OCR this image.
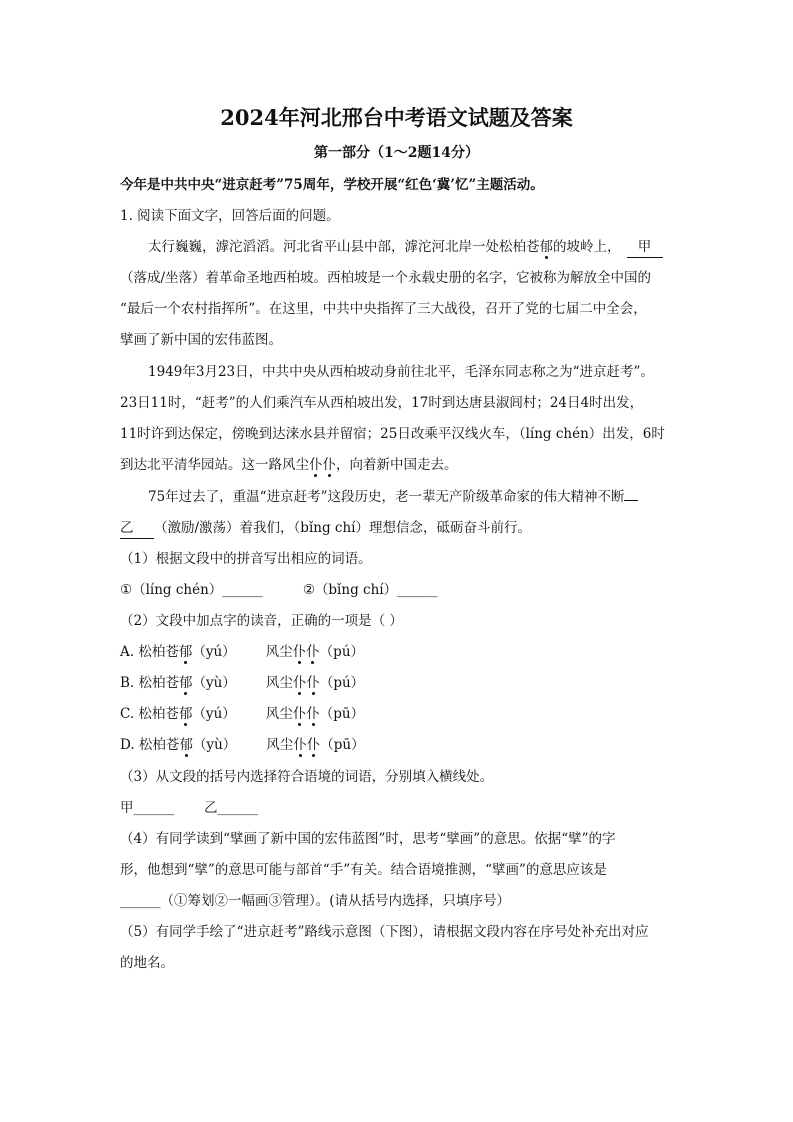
2024年河北邢台中考语文试题及答案
第一部分（1～2题14分）
今年是中共中央“进京赶考”75周年，学校开展“红色‘冀’忆”主题活动。
1. 阅读下面文字，回答后面的问题。
太行巍巍，滹沱滔滔。河北省平山县中部，滹沱河北岸一处松柏苍郁的坡岭上， 甲
（落成/坐落）着革命圣地西柏坡。西柏坡是一个永载史册的名字，它被称为解放全中国的
“最后一个农村指挥所”。在这里，中共中央指挥了三大战役，召开了党的七届二中全会，
擘画了新中国的宏伟蓝图。
1949年3月23日，中共中央从西柏坡动身前往北平，毛泽东同志称之为“进京赶考”。
23日11时，“赶考”的人们乘汽车从西柏坡出发，17时到达唐县淑闾村；24日4时出发，
11时许到达保定，傍晚到达涞水县并留宿；25日改乘平汉线火车，（líng chén）出发，6时
到达北平清华园站。这一路风尘仆仆，向着新中国走去。
75年过去了，重温“进京赶考”这段历史，老一辈无产阶级革命家的伟大精神不断
乙 （激励/激荡）着我们，（bǐng chí）理想信念，砥砺奋斗前行。
（1）根据文段中的拼音写出相应的词语。
①（líng chén）______	②（bǐng chí）______
（2）文段中加点字的读音，正确的一项是（ ）
A. 松柏苍郁（yú） 风尘仆仆（pú）
B. 松柏苍郁（yù） 风尘仆仆（pú）
C. 松柏苍郁（yú） 风尘仆仆（pū）
D. 松柏苍郁（yù） 风尘仆仆（pū）
（3）从文段的括号内选择符合语境的词语，分别填入横线处。
甲______ 乙______
（4）有同学读到“擘画了新中国的宏伟蓝图”时，思考“擘画”的意思。依据“擘”的字
形，他想到“擘”的意思可能与部首“手”有关。结合语境推测，“擘画”的意思应该是
______（①筹划②一幅画③管理）。(请从括号内选择，只填序号）
（5）有同学手绘了“进京赶考”路线示意图（下图），请根据文段内容在序号处补充出对应
的地名。
